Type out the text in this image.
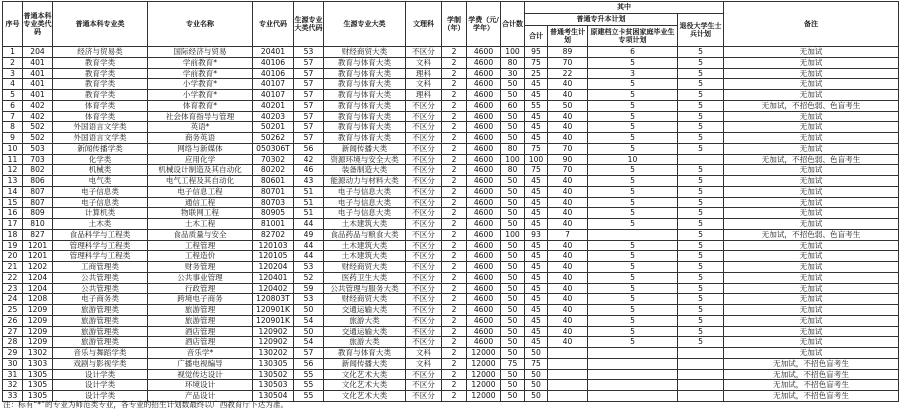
序号	普通本科专业类代码	普通本科专业类	专业名称	专业代码	生源专业大类代码	生源专业大类	文理科	学制（年）	学费（元/学年）	合计数	其中				备注

											普通专升本计划			退役大学生士兵计划	

											合计	普通考生计划	原建档立卡贫困家庭毕业生专项计划		

1	204	经济与贸易类	国际经济与贸易	20401	53	财经商贸大类	不区分	2	4600	100	95	89	6	5	无加试
2	401	教育学类	学前教育*	40106	57	教育与体育大类	文科	2	4600	80	75	70	5	5	无加试
3	401	教育学类	学前教育*	40106	57	教育与体育大类	理科	2	4600	30	25	22	3	5	无加试
4	401	教育学类	小学教育*	40107	57	教育与体育大类	文科	2	4600	50	45	40	5	5	无加试
5	401	教育学类	小学教育*	40107	57	教育与体育大类	理科	2	4600	50	45	40	5	5	无加试
6	402	体育学类	体育教育*	40201	57	教育与体育大类	不区分	2	4600	60	55	50	5	5	无加试，不招色弱、色盲考生
7	402	体育学类	社会体育指导与管理	40203	57	教育与体育大类	不区分	2	4600	50	45	40	5	5	无加试
8	502	外国语言文学类	英语*	50201	57	教育与体育大类	不区分	2	4600	50	45	40	5	5	无加试
9	502	外国语言文学类	商务英语	50262	57	教育与体育大类	不区分	2	4600	50	45	40	5	5	无加试
10	503	新闻传播学类	网络与新媒体	050306T	56	新闻传播大类	不区分	2	4600	80	75	70	5	5	无加试
11	703	化学类	应用化学	70302	42	资源环境与安全大类	不区分	2	4600	100	100	90	10		无加试，不招色弱、色盲考生
12	802	机械类	机械设计制造及其自动化	80202	46	装备制造大类	不区分	2	4600	80	75	70	5	5	无加试
13	806	电气类	电气工程及其自动化	80601	43	能源动力与材料大类	不区分	2	4600	50	45	40	5	5	无加试
14	807	电子信息类	电子信息工程	80701	51	电子与信息大类	不区分	2	4600	50	45	40	5	5	无加试
15	807	电子信息类	通信工程	80703	51	电子与信息大类	不区分	2	4600	50	45	40	5	5	无加试
16	809	计算机类	物联网工程	80905	51	电子与信息大类	不区分	2	4600	50	45	40	5	5	无加试
17	810	土木类	土木工程	81001	44	土木建筑大类	不区分	2	4600	50	45	40	5	5	无加试
18	827	食品科学与工程类	食品质量与安全	82702	49	食品药品与粮食大类	不区分	2	4600	100	93	7		5	无加试，不招色弱、色盲考生
19	1201	管理科学与工程类	工程管理	120103	44	土木建筑大类	不区分	2	4600	50	45	40	5	5	无加试
20	1201	管理科学与工程类	工程造价	120105	44	土木建筑大类	不区分	2	4600	50	45	40	5	5	无加试
21	1202	工商管理类	财务管理	120204	53	财经商贸大类	不区分	2	4600	50	45	40	5	5	无加试
22	1204	公共管理类	公共事业管理	120401	52	医药卫生大类	不区分	2	4600	50	45	40	5	5	无加试
23	1204	公共管理类	行政管理	120402	59	公共管理与服务大类	不区分	2	4600	50	45	40	5	5	无加试
24	1208	电子商务类	跨境电子商务	120803T	53	财经商贸大类	不区分	2	4600	50	45	40	5	5	无加试
25	1209	旅游管理类	旅游管理	120901K	50	交通运输大类	不区分	2	4600	50	45	40	5	5	无加试
26	1209	旅游管理类	旅游管理	120901K	54	旅游大类	不区分	2	4600	50	45	40	5	5	无加试
27	1209	旅游管理类	酒店管理	120902	50	交通运输大类	不区分	2	4600	50	45	40	5	5	无加试
28	1209	旅游管理类	酒店管理	120902	54	旅游大类	不区分	2	4600	50	45	40	5	5	无加试
29	1302	音乐与舞蹈学类	音乐学*	130202	57	教育与体育大类	文科	2	12000	50	50				无加试
30	1303	戏剧与影视学类	广播电视编导	130305	56	新闻传播大类	文科	2	12000	75	75				无加试，不招色盲考生
31	1305	设计学类	视觉传达设计	130502	55	文化艺术大类	不区分	2	12000	50	50				无加试，不招色盲考生
32	1305	设计学类	环境设计	130503	55	文化艺术大类	不区分	2	12000	50	50				无加试，不招色盲考生
33	1305	设计学类	产品设计	130504	55	文化艺术大类	不区分	2	12000	50	50				无加试，不招色盲考生
注：标有“*”的专业为师范类专业，各专业的招生计划数最终以广西教育厅下达为准。
